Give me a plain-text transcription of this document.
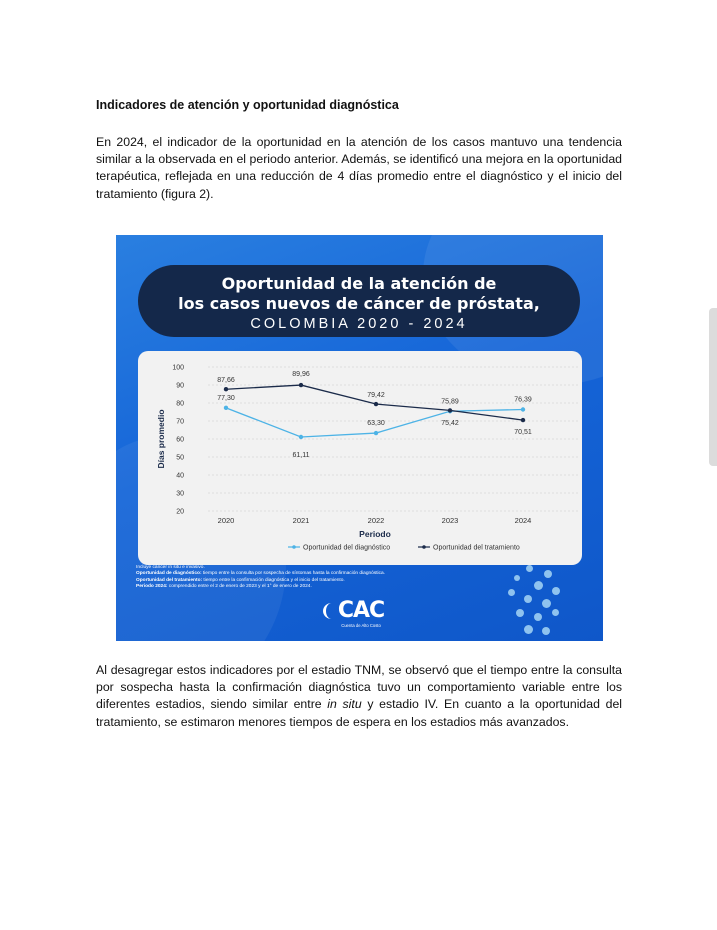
Indicadores de atención y oportunidad diagnóstica

En 2024, el indicador de la oportunidad en la atención de los casos mantuvo una tendencia similar a la observada en el periodo anterior. Además, se identificó una mejora en la oportunidad terapéutica, reflejada en una reducción de 4 días promedio entre el diagnóstico y el inicio del tratamiento (figura 2).

Oportunidad de la atención de
los casos nuevos de cáncer de próstata,
COLOMBIA 2020 - 2024
20
30
40
50
60
70
80
90
100
2020	2021	2022	2023	2024
Periodo
Días promedio
77,30
61,11
63,30	75,42
76,39
87,66
89,96
79,42
75,89
70,51
Oportunidad del diagnóstico	Oportunidad del tratamiento
Incluye cáncer in situ e invasivo.
Oportunidad de diagnóstico: tiempo entre la consulta por sospecha de síntomas hasta la confirmación diagnóstica.
Oportunidad del tratamiento: tiempo entre la confirmación diagnóstica y el inicio del tratamiento.
Periodo 2024: comprendido entre el 2 de enero de 2023 y el 1° de enero de 2024.
CAC
Cuenta de Alto Costo

Al desagregar estos indicadores por el estadio TNM, se observó que el tiempo entre la consulta por sospecha hasta la confirmación diagnóstica tuvo un comportamiento variable entre los diferentes estadios, siendo similar entre in situ y estadio IV. En cuanto a la oportunidad del tratamiento, se estimaron menores tiempos de espera en los estadios más avanzados.
